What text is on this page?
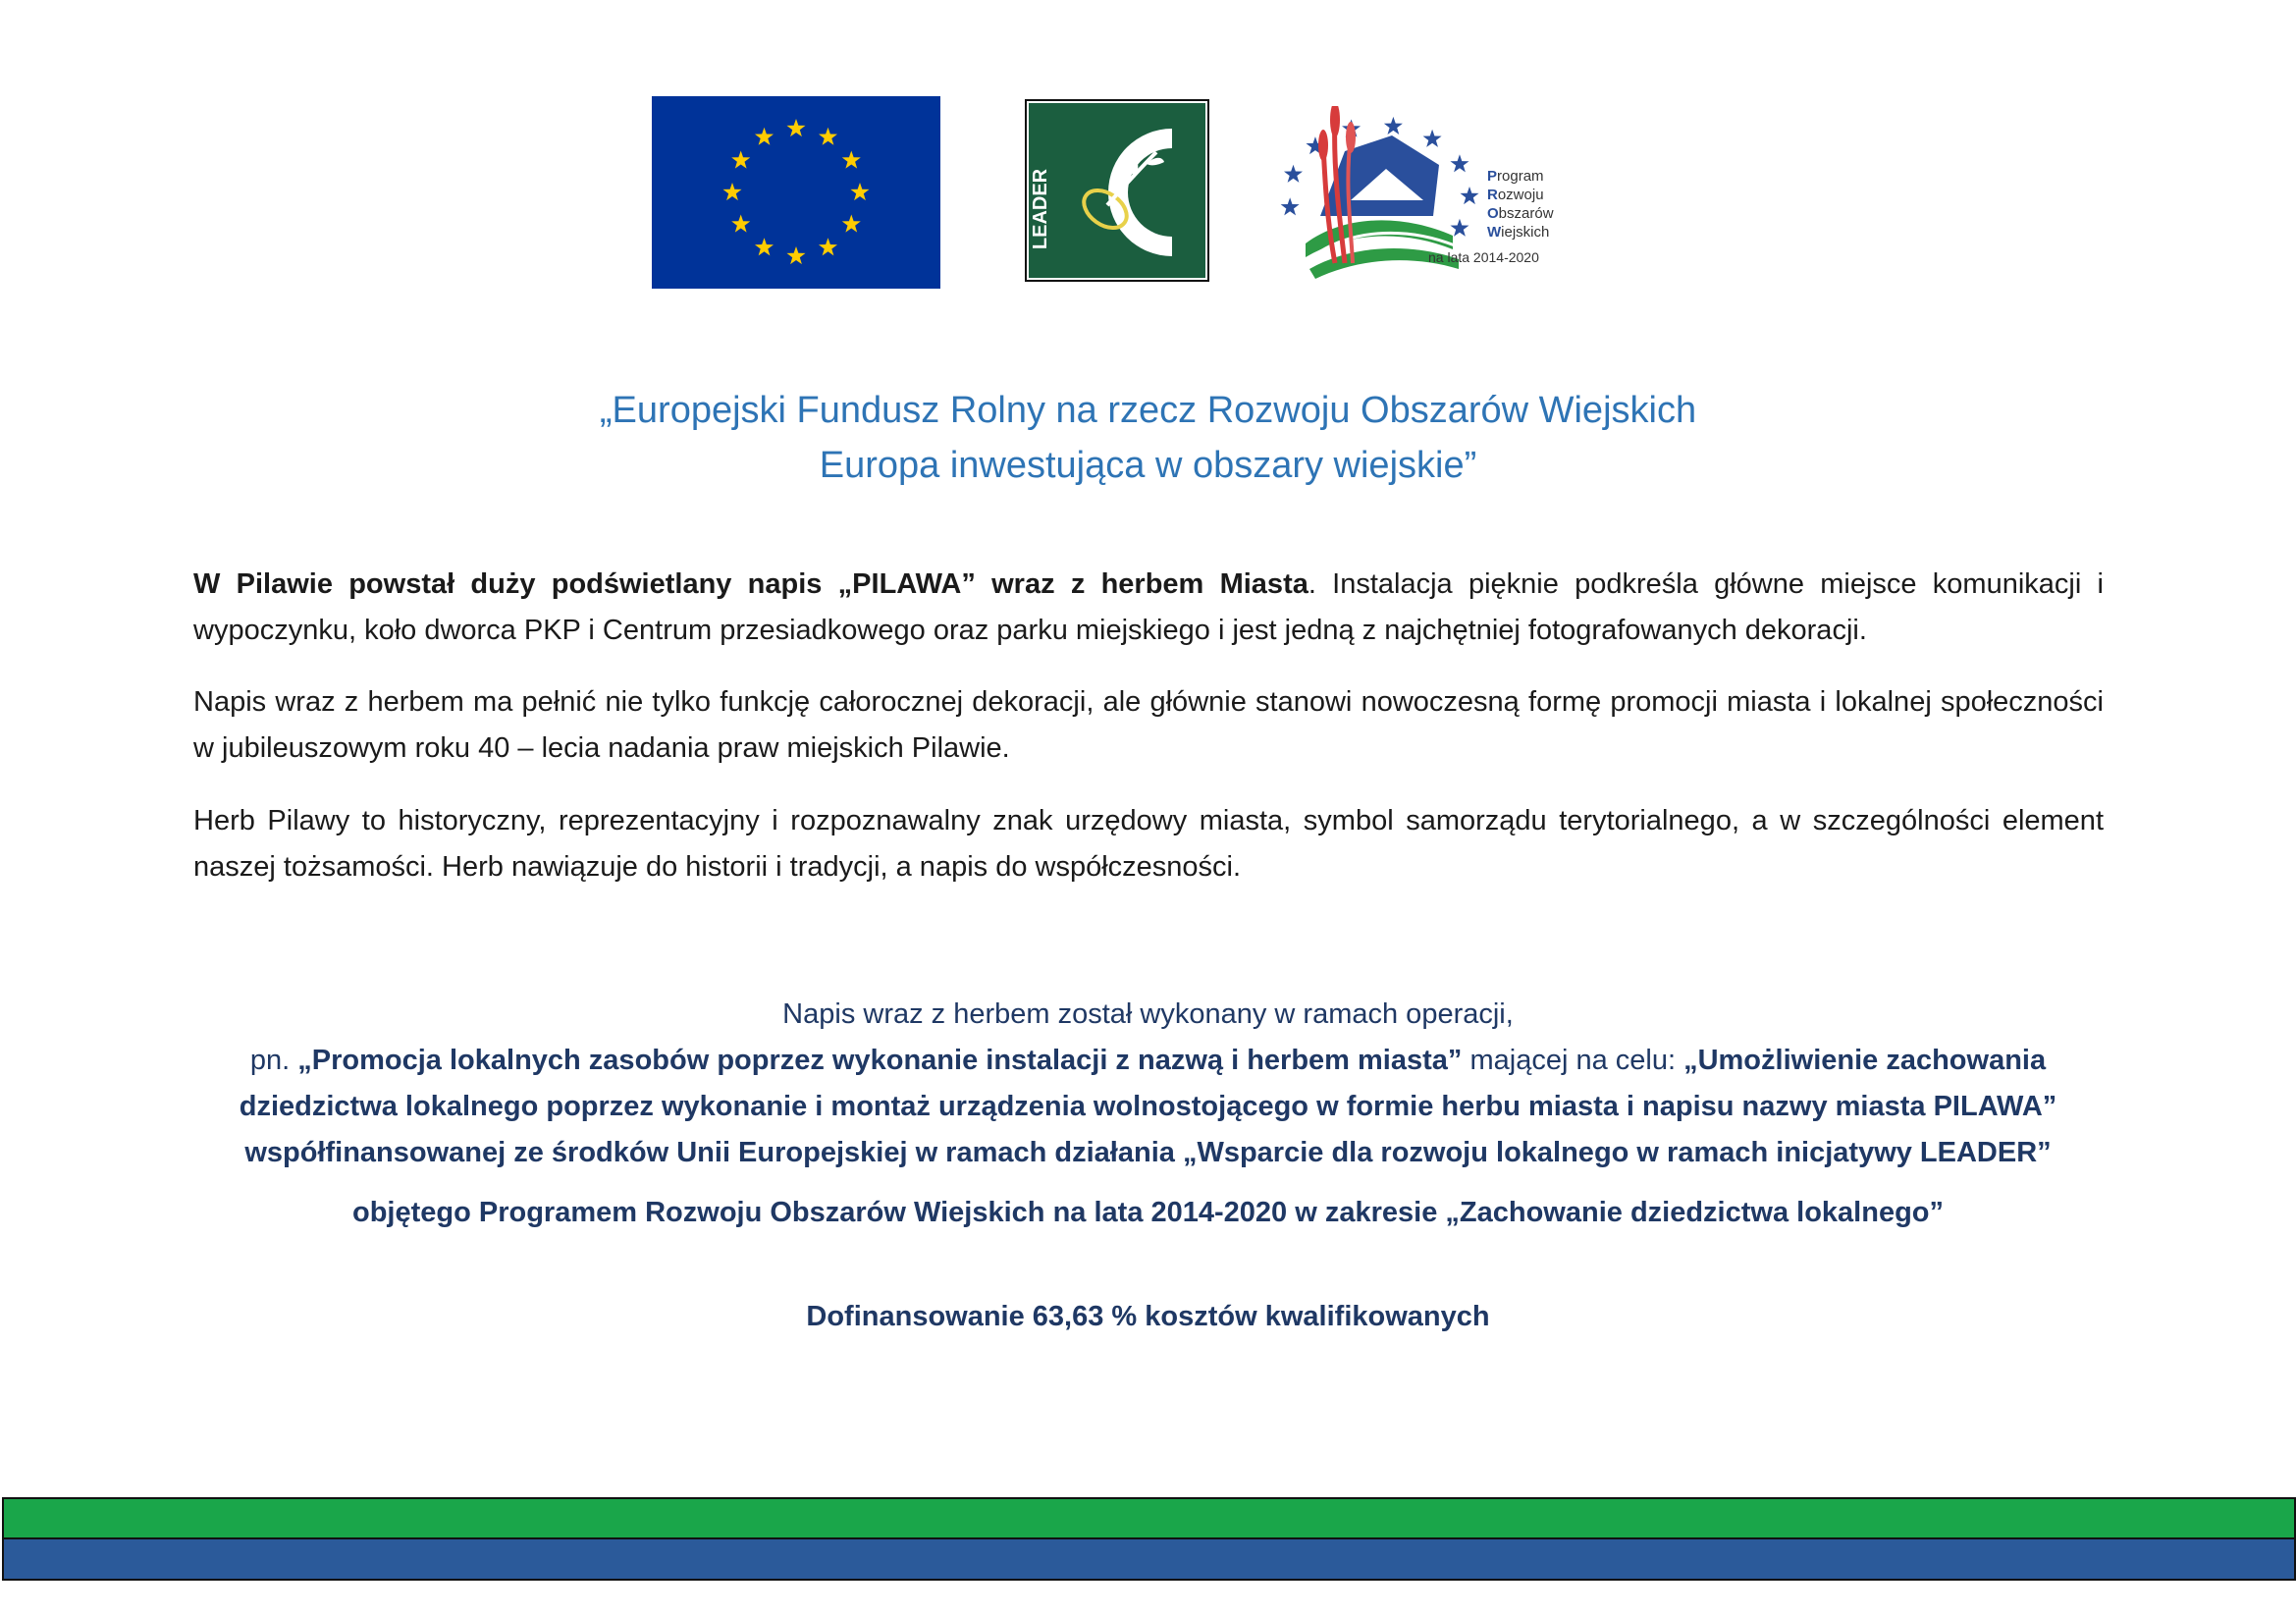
LEADER	Program
Rozwoju
Obszarów
Wiejskich
na lata 2014-2020
„Europejski Fundusz Rolny na rzecz Rozwoju Obszarów Wiejskich
Europa inwestująca w obszary wiejskie”
W Pilawie powstał duży podświetlany napis „PILAWA” wraz z herbem Miasta. Instalacja pięknie podkreśla główne miejsce komunikacji i wypoczynku, koło dworca PKP i Centrum przesiadkowego oraz parku miejskiego i jest jedną z najchętniej fotografowanych dekoracji.
Napis wraz z herbem ma pełnić nie tylko funkcję całorocznej dekoracji, ale głównie stanowi nowoczesną formę promocji miasta i lokalnej społeczności w jubileuszowym roku 40 – lecia nadania praw miejskich Pilawie.
Herb Pilawy to historyczny, reprezentacyjny i rozpoznawalny znak urzędowy miasta, symbol samorządu terytorialnego, a w szczególności element naszej tożsamości. Herb nawiązuje do historii i tradycji, a napis do współczesności.
Napis wraz z herbem został wykonany w ramach operacji,
pn. „Promocja lokalnych zasobów poprzez wykonanie instalacji z nazwą i herbem miasta” mającej na celu: „Umożliwienie zachowania
dziedzictwa lokalnego poprzez wykonanie i montaż urządzenia wolnostojącego w formie herbu miasta i napisu nazwy miasta PILAWA”
współfinansowanej ze środków Unii Europejskiej w ramach działania „Wsparcie dla rozwoju lokalnego w ramach inicjatywy LEADER”
objętego Programem Rozwoju Obszarów Wiejskich na lata 2014-2020 w zakresie „Zachowanie dziedzictwa lokalnego”
Dofinansowanie 63,63 % kosztów kwalifikowanych
